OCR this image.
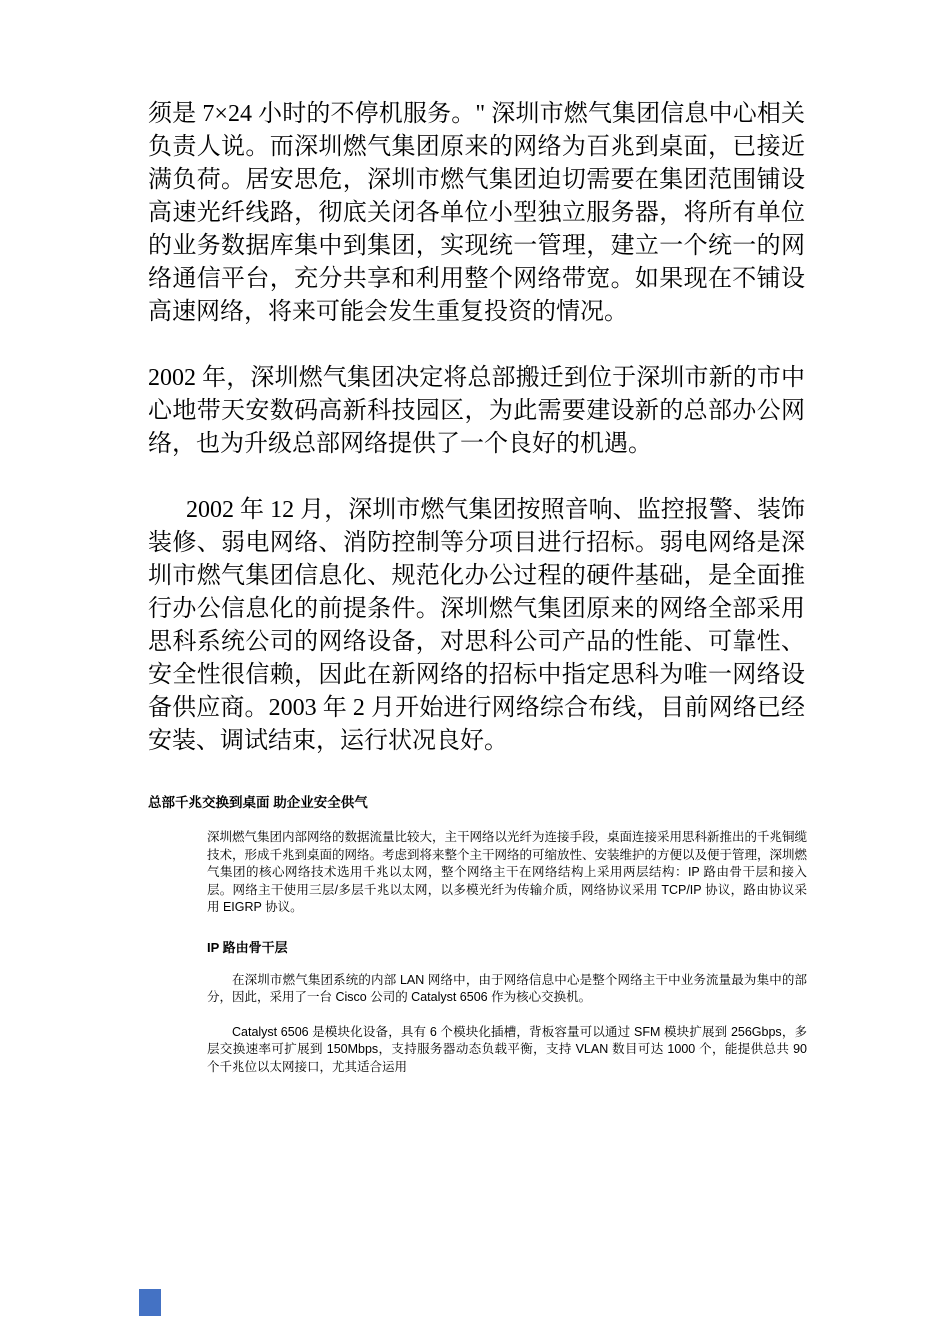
须是 7×24 小时的不停机服务。" 深圳市燃气集团信息中心相关负责人说。而深圳燃气集团原来的网络为百兆到桌面，已接近满负荷。居安思危，深圳市燃气集团迫切需要在集团范围铺设高速光纤线路，彻底关闭各单位小型独立服务器，将所有单位的业务数据库集中到集团，实现统一管理，建立一个统一的网络通信平台，充分共享和利用整个网络带宽。如果现在不铺设高速网络，将来可能会发生重复投资的情况。

2002 年，深圳燃气集团决定将总部搬迁到位于深圳市新的市中心地带天安数码高新科技园区，为此需要建设新的总部办公网络，也为升级总部网络提供了一个良好的机遇。

2002 年 12 月，深圳市燃气集团按照音响、监控报警、装饰装修、弱电网络、消防控制等分项目进行招标。弱电网络是深圳市燃气集团信息化、规范化办公过程的硬件基础，是全面推行办公信息化的前提条件。深圳燃气集团原来的网络全部采用思科系统公司的网络设备，对思科公司产品的性能、可靠性、安全性很信赖，因此在新网络的招标中指定思科为唯一网络设备供应商。2003 年 2 月开始进行网络综合布线，目前网络已经安装、调试结束，运行状况良好。

总部千兆交换到桌面 助企业安全供气

深圳燃气集团内部网络的数据流量比较大，主干网络以光纤为连接手段，桌面连接采用思科新推出的千兆铜缆技术，形成千兆到桌面的网络。考虑到将来整个主干网络的可缩放性、安装维护的方便以及便于管理，深圳燃气集团的核心网络技术选用千兆以太网，整个网络主干在网络结构上采用两层结构：IP 路由骨干层和接入层。网络主干使用三层/多层千兆以太网，以多模光纤为传输介质，网络协议采用 TCP/IP 协议，路由协议采用 EIGRP 协议。

IP 路由骨干层

在深圳市燃气集团系统的内部 LAN 网络中，由于网络信息中心是整个网络主干中业务流量最为集中的部分，因此，采用了一台 Cisco 公司的 Catalyst 6506 作为核心交换机。

Catalyst 6506 是模块化设备，具有 6 个模块化插槽，背板容量可以通过 SFM 模块扩展到 256Gbps，多层交换速率可扩展到 150Mbps，支持服务器动态负载平衡，支持 VLAN 数目可达 1000 个，能提供总共 90 个千兆位以太网接口，尤其适合运用
